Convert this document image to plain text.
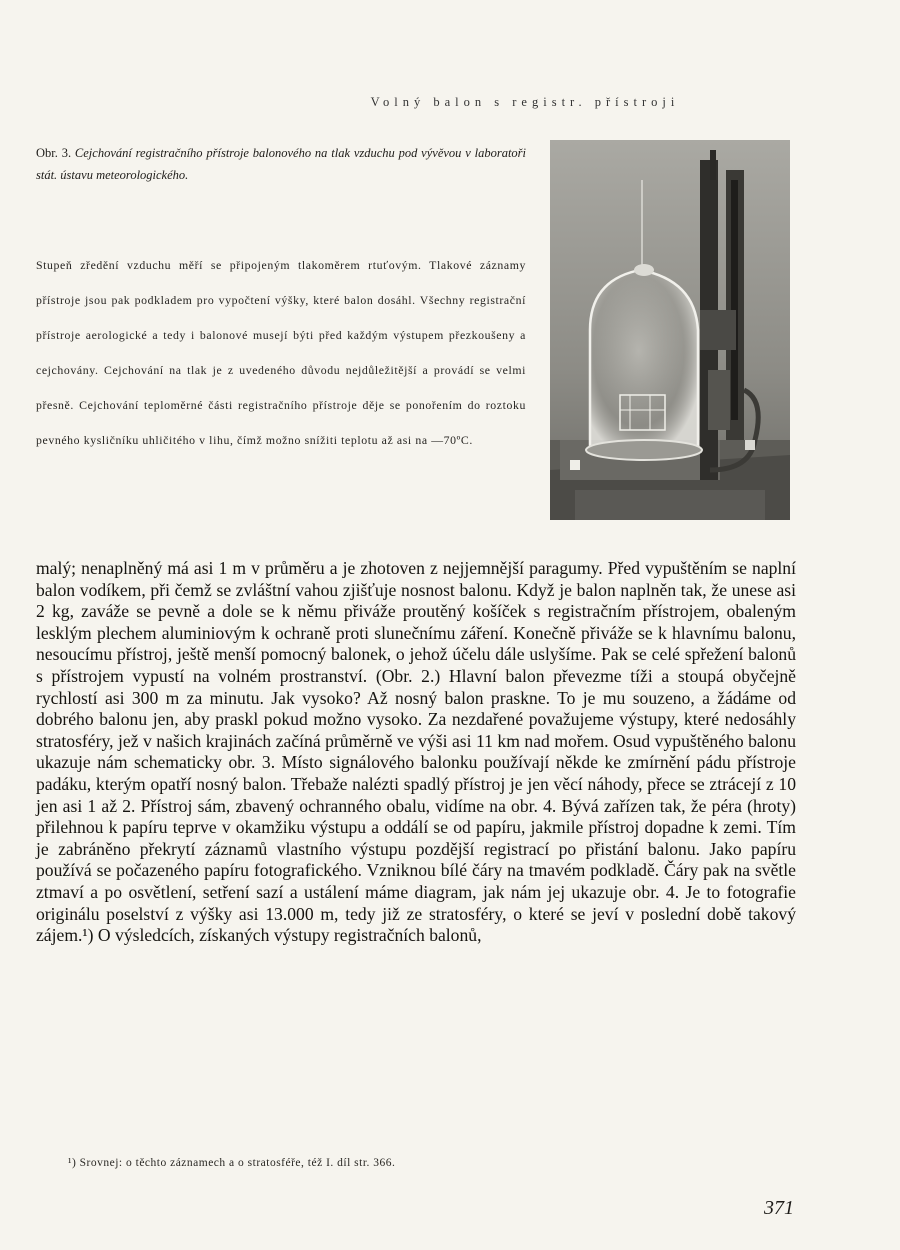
Volný balon s registr. přístroji
Obr. 3. Cejchování registračního přístroje balonového na tlak vzduchu pod vývěvou v laboratoři stát. ústavu meteorologického.
Stupeň zředění vzduchu měří se připojeným tlakoměrem rtuťovým. Tlakové záznamy přístroje jsou pak podkladem pro vypočtení výšky, které balon dosáhl. Všechny registrační přístroje aerologické a tedy i balonové musejí býti před každým výstupem přezkoušeny a cejchovány. Cejchování na tlak je z uvedeného důvodu nejdůležitější a provádí se velmi přesně. Cejchování teploměrné části registračního přístroje děje se ponořením do roztoku pevného kysličníku uhličitého v lihu, čímž možno snížiti teplotu až asi na —70ºC.

malý; nenaplněný má asi 1 m v průměru a je zhotoven z nejjemnější paragumy. Před vypuštěním se naplní balon vodíkem, při čemž se zvláštní vahou zjišťuje nosnost balonu. Když je balon naplněn tak, že unese asi 2 kg, zaváže se pevně a dole se k němu přiváže proutěný košíček s registračním přístrojem, obaleným lesklým plechem aluminiovým k ochraně proti slunečnímu záření. Konečně přiváže se k hlavnímu balonu, nesoucímu přístroj, ještě menší pomocný balonek, o jehož účelu dále uslyšíme. Pak se celé spřežení balonů s přístrojem vypustí na volném prostranství. (Obr. 2.) Hlavní balon převezme tíži a stoupá obyčejně rychlostí asi 300 m za minutu. Jak vysoko? Až nosný balon praskne. To je mu souzeno, a žádáme od dobrého balonu jen, aby praskl pokud možno vysoko. Za nezdařené považujeme výstupy, které nedosáhly stratosféry, jež v našich krajinách začíná průměrně ve výši asi 11 km nad mořem. Osud vypuštěného balonu ukazuje nám schematicky obr. 3. Místo signálového balonku používají někde ke zmírnění pádu přístroje padáku, kterým opatří nosný balon. Třebaže nalézti spadlý přístroj je jen věcí náhody, přece se ztrácejí z 10 jen asi 1 až 2. Přístroj sám, zbavený ochranného obalu, vidíme na obr. 4. Bývá zařízen tak, že péra (hroty) přilehnou k papíru teprve v okamžiku výstupu a oddálí se od papíru, jakmile přístroj dopadne k zemi. Tím je zabráněno překrytí záznamů vlastního výstupu pozdější registrací po přistání balonu. Jako papíru používá se počazeného papíru fotografického. Vzniknou bílé čáry na tmavém podkladě. Čáry pak na světle ztmaví a po osvětlení, setření sazí a ustálení máme diagram, jak nám jej ukazuje obr. 4. Je to fotografie originálu poselství z výšky asi 13.000 m, tedy již ze stratosféry, o které se jeví v poslední době takový zájem.¹) O výsledcích, získaných výstupy registračních balonů,

¹) Srovnej: o těchto záznamech a o stratosféře, též I. díl str. 366.
371
